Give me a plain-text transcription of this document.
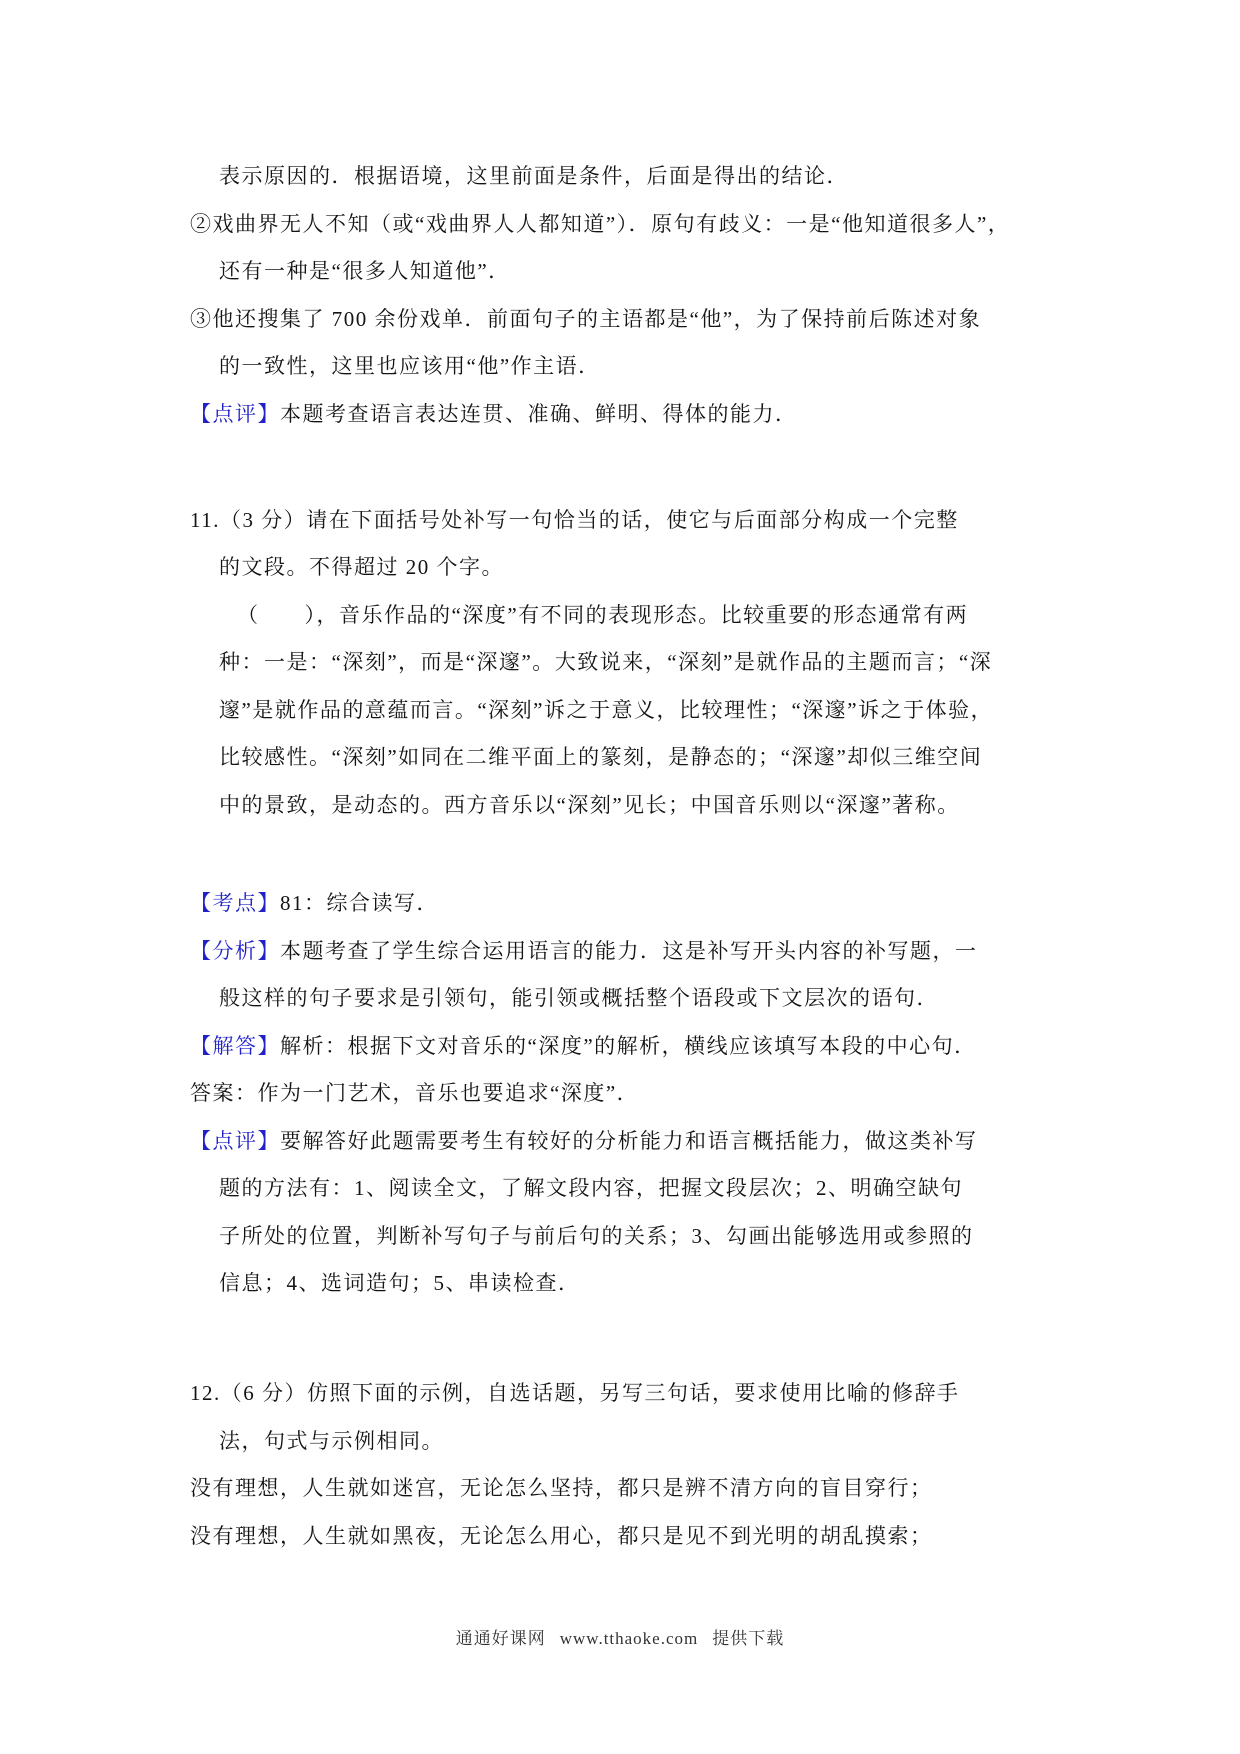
表示原因的．根据语境，这里前面是条件，后面是得出的结论．

②戏曲界无人不知（或“戏曲界人人都知道”）．原句有歧义：一是“他知道很多人”，

还有一种是“很多人知道他”．

③他还搜集了 700 余份戏单．前面句子的主语都是“他”，为了保持前后陈述对象

的一致性，这里也应该用“他”作主语．

【点评】本题考查语言表达连贯、准确、鲜明、得体的能力．

11.（3 分）请在下面括号处补写一句恰当的话，使它与后面部分构成一个完整

的文段。不得超过 20 个字。

（　　），音乐作品的“深度”有不同的表现形态。比较重要的形态通常有两

种：一是：“深刻”，而是“深邃”。大致说来，“深刻”是就作品的主题而言；“深

邃”是就作品的意蕴而言。“深刻”诉之于意义，比较理性；“深邃”诉之于体验，

比较感性。“深刻”如同在二维平面上的篆刻，是静态的；“深邃”却似三维空间

中的景致，是动态的。西方音乐以“深刻”见长；中国音乐则以“深邃”著称。

【考点】81：综合读写．

【分析】本题考查了学生综合运用语言的能力．这是补写开头内容的补写题，一

般这样的句子要求是引领句，能引领或概括整个语段或下文层次的语句．

【解答】解析：根据下文对音乐的“深度”的解析，横线应该填写本段的中心句．

答案：作为一门艺术，音乐也要追求“深度”．

【点评】要解答好此题需要考生有较好的分析能力和语言概括能力，做这类补写

题的方法有：1、阅读全文，了解文段内容，把握文段层次；2、明确空缺句

子所处的位置，判断补写句子与前后句的关系；3、勾画出能够选用或参照的

信息；4、选词造句；5、串读检查．

12.（6 分）仿照下面的示例，自选话题，另写三句话，要求使用比喻的修辞手

法，句式与示例相同。

没有理想，人生就如迷宫，无论怎么坚持，都只是辨不清方向的盲目穿行；

没有理想，人生就如黑夜，无论怎么用心，都只是见不到光明的胡乱摸索；

通通好课网 www.tthaoke.com 提供下载
